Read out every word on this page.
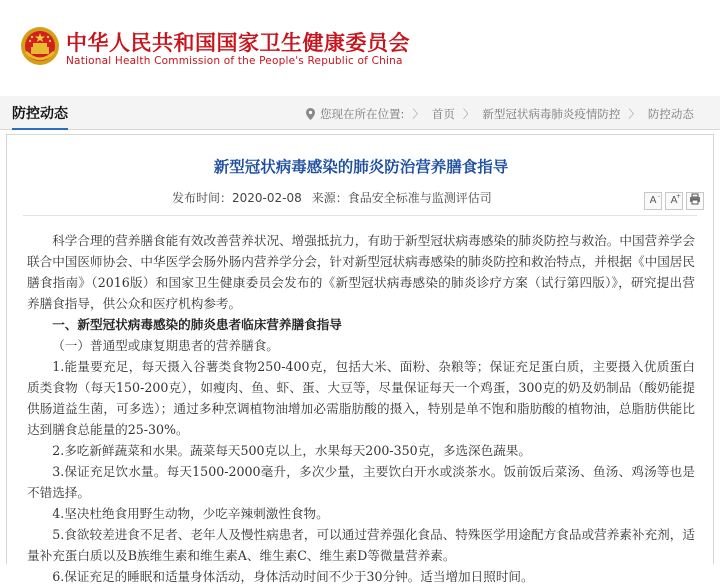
中华人民共和国国家卫生健康委员会
National Health Commission of the People's Republic of China
防控动态	您现在所在位置: 〉 首页 〉 新型冠状病毒肺炎疫情防控 〉 防控动态
新型冠状病毒感染的肺炎防治营养膳食指导
发布时间：2020-02-08 来源：食品安全标准与监测评估司	A - A
+

科学合理的营养膳食能有效改善营养状况、增强抵抗力，有助于新型冠状病毒感染的肺炎防控与救治。中国营养学会联合中国医师协会、中华医学会肠外肠内营养学分会，针对新型冠状病毒感染的肺炎防控和救治特点，并根据《中国居民膳食指南》（2016版）和国家卫生健康委员会发布的《新型冠状病毒感染的肺炎诊疗方案（试行第四版）》，研究提出营养膳食指导，供公众和医疗机构参考。

一、新型冠状病毒感染的肺炎患者临床营养膳食指导

（一）普通型或康复期患者的营养膳食。

1.能量要充足，每天摄入谷薯类食物250-400克，包括大米、面粉、杂粮等；保证充足蛋白质，主要摄入优质蛋白质类食物（每天150-200克），如瘦肉、鱼、虾、蛋、大豆等，尽量保证每天一个鸡蛋，300克的奶及奶制品（酸奶能提供肠道益生菌，可多选）；通过多种烹调植物油增加必需脂肪酸的摄入，特别是单不饱和脂肪酸的植物油，总脂肪供能比达到膳食总能量的25-30%。

2.多吃新鲜蔬菜和水果。蔬菜每天500克以上，水果每天200-350克，多选深色蔬果。

3.保证充足饮水量。每天1500-2000毫升，多次少量，主要饮白开水或淡茶水。饭前饭后菜汤、鱼汤、鸡汤等也是不错选择。

4.坚决杜绝食用野生动物，少吃辛辣刺激性食物。

5.食欲较差进食不足者、老年人及慢性病患者，可以通过营养强化食品、特殊医学用途配方食品或营养素补充剂，适量补充蛋白质以及B族维生素和维生素A、维生素C、维生素D等微量营养素。

6.保证充足的睡眠和适量身体活动，身体活动时间不少于30分钟。适当增加日照时间。
